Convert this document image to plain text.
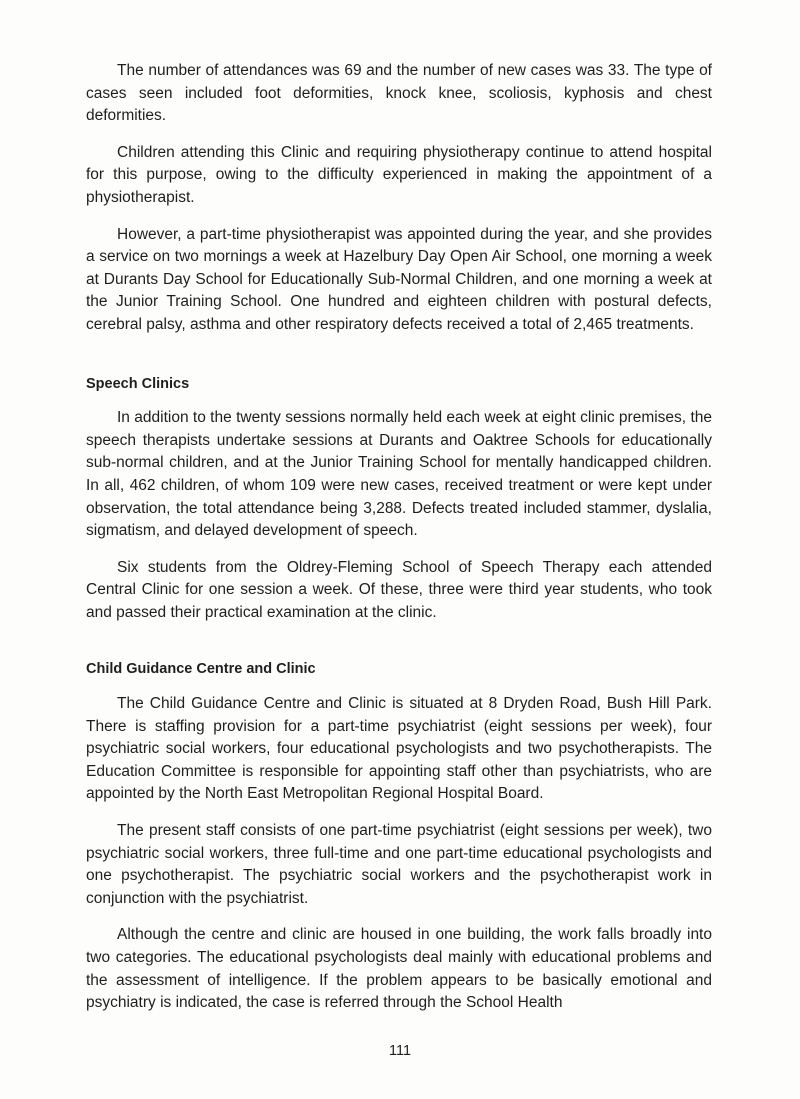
The number of attendances was 69 and the number of new cases was 33. The type of cases seen included foot deformities, knock knee, scoliosis, kyphosis and chest deformities.

Children attending this Clinic and requiring physiotherapy continue to attend hospital for this purpose, owing to the difficulty experienced in making the appointment of a physiotherapist.

However, a part-time physiotherapist was appointed during the year, and she provides a service on two mornings a week at Hazelbury Day Open Air School, one morning a week at Durants Day School for Educationally Sub-Normal Children, and one morning a week at the Junior Training School. One hundred and eighteen children with postural defects, cerebral palsy, asthma and other respiratory defects received a total of 2,465 treatments.

Speech Clinics

In addition to the twenty sessions normally held each week at eight clinic premises, the speech therapists undertake sessions at Durants and Oaktree Schools for educationally sub-normal children, and at the Junior Training School for mentally handicapped children. In all, 462 children, of whom 109 were new cases, received treatment or were kept under observation, the total attendance being 3,288. Defects treated included stammer, dyslalia, sigmatism, and delayed development of speech.

Six students from the Oldrey-Fleming School of Speech Therapy each attended Central Clinic for one session a week. Of these, three were third year students, who took and passed their practical examination at the clinic.

Child Guidance Centre and Clinic

The Child Guidance Centre and Clinic is situated at 8 Dryden Road, Bush Hill Park. There is staffing provision for a part-time psychiatrist (eight sessions per week), four psychiatric social workers, four educational psychologists and two psychotherapists. The Education Committee is responsible for appointing staff other than psychiatrists, who are appointed by the North East Metropolitan Regional Hospital Board.

The present staff consists of one part-time psychiatrist (eight sessions per week), two psychiatric social workers, three full-time and one part-time educational psychologists and one psychotherapist. The psychiatric social workers and the psychotherapist work in conjunction with the psychiatrist.

Although the centre and clinic are housed in one building, the work falls broadly into two categories. The educational psychologists deal mainly with educational problems and the assessment of intelligence. If the problem appears to be basically emotional and psychiatry is indicated, the case is referred through the School Health

111
